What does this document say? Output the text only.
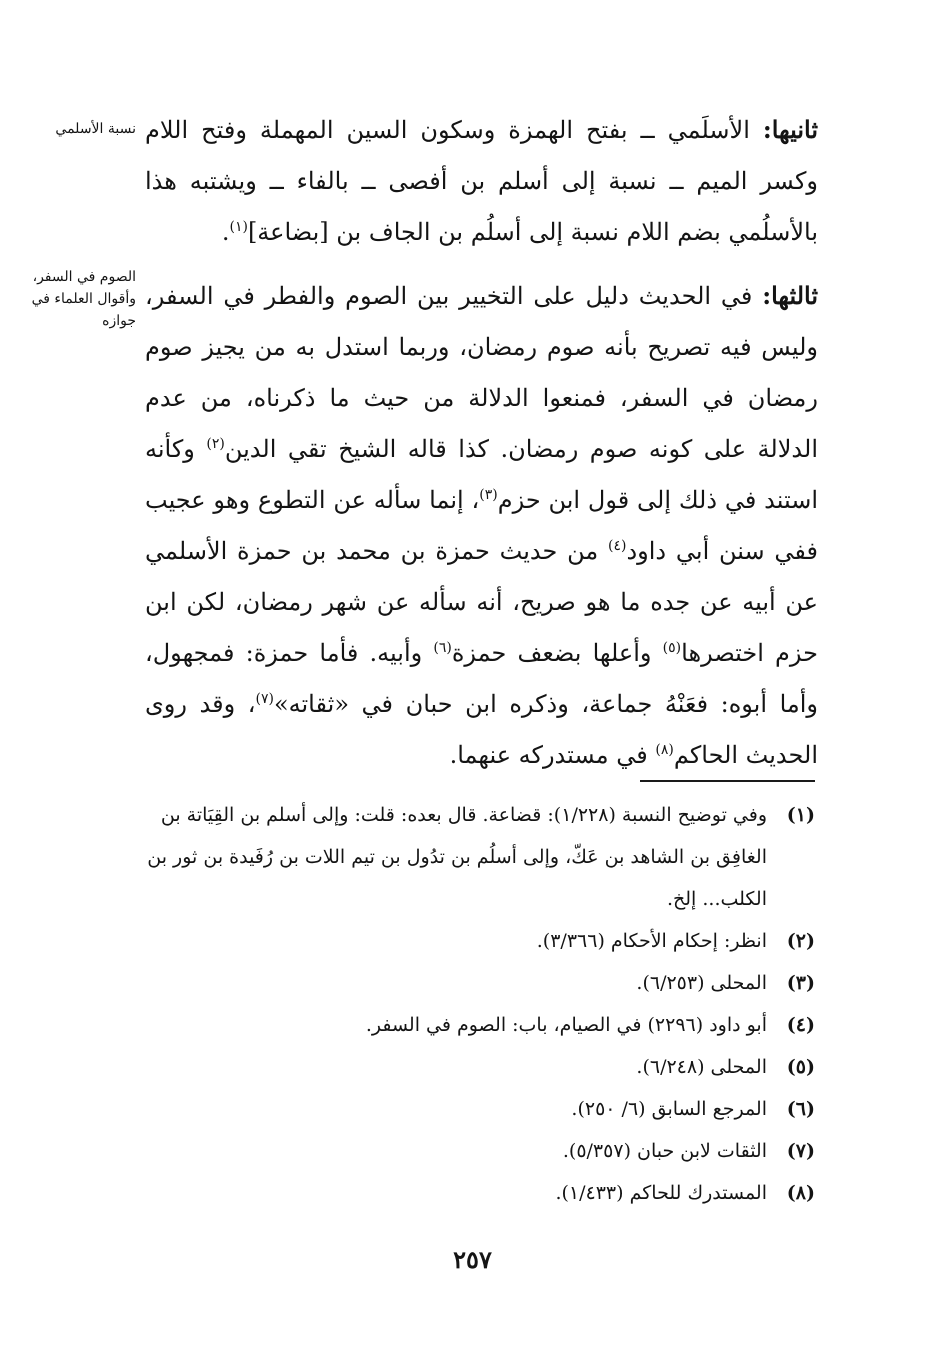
نسبة الأسلمي
الصوم في السفر، وأقوال العلماء في جوازه

ثانيها: الأسلَمي ــ بفتح الهمزة وسكون السين المهملة وفتح اللام وكسر الميم ــ نسبة إلى أسلم بن أفصى ــ بالفاء ــ ويشتبه هذا بالأسلُمي بضم اللام نسبة إلى أسلُم بن الجاف بن [بضاعة]$^{(١)}$.

ثالثها: في الحديث دليل على التخيير بين الصوم والفطر في السفر، وليس فيه تصريح بأنه صوم رمضان، وربما استدل به من يجيز صوم رمضان في السفر، فمنعوا الدلالة من حيث ما ذكرناه، من عدم الدلالة على كونه صوم رمضان. كذا قاله الشيخ تقي الدين$^{(٢)}$ وكأنه استند في ذلك إلى قول ابن حزم$^{(٣)}$، إنما سأله عن التطوع وهو عجيب ففي سنن أبي داود$^{(٤)}$ من حديث حمزة بن محمد بن حمزة الأسلمي عن أبيه عن جده ما هو صريح، أنه سأله عن شهر رمضان، لكن ابن حزم اختصرها$^{(٥)}$ وأعلها بضعف حمزة$^{(٦)}$ وأبيه. فأما حمزة: فمجهول، وأما أبوه: فعَنْهُ جماعة، وذكره ابن حبان في «ثقاته»$^{(٧)}$، وقد روى الحديث الحاكم$^{(٨)}$ في مستدركه عنهما.

(١)
وفي توضيح النسبة (١/٢٢٨): قضاعة. قال بعده: قلت: وإلى أسلم بن القِيَاتة بن الغافِق بن الشاهد بن عَكّ، وإلى أسلُم بن تدُول بن تيم اللات بن رُفَيدة بن ثور بن الكلب... إلخ.
(٢)
انظر: إحكام الأحكام (٣/٣٦٦).
(٣)
المحلى (٦/٢٥٣).
(٤)
أبو داود (٢٢٩٦) في الصيام، باب: الصوم في السفر.
(٥)
المحلى (٦/٢٤٨).
(٦)
المرجع السابق (٦/ ٢٥٠).
(٧)
الثقات لابن حبان (٥/٣٥٧).
(٨)
المستدرك للحاكم (١/٤٣٣).
٢٥٧
